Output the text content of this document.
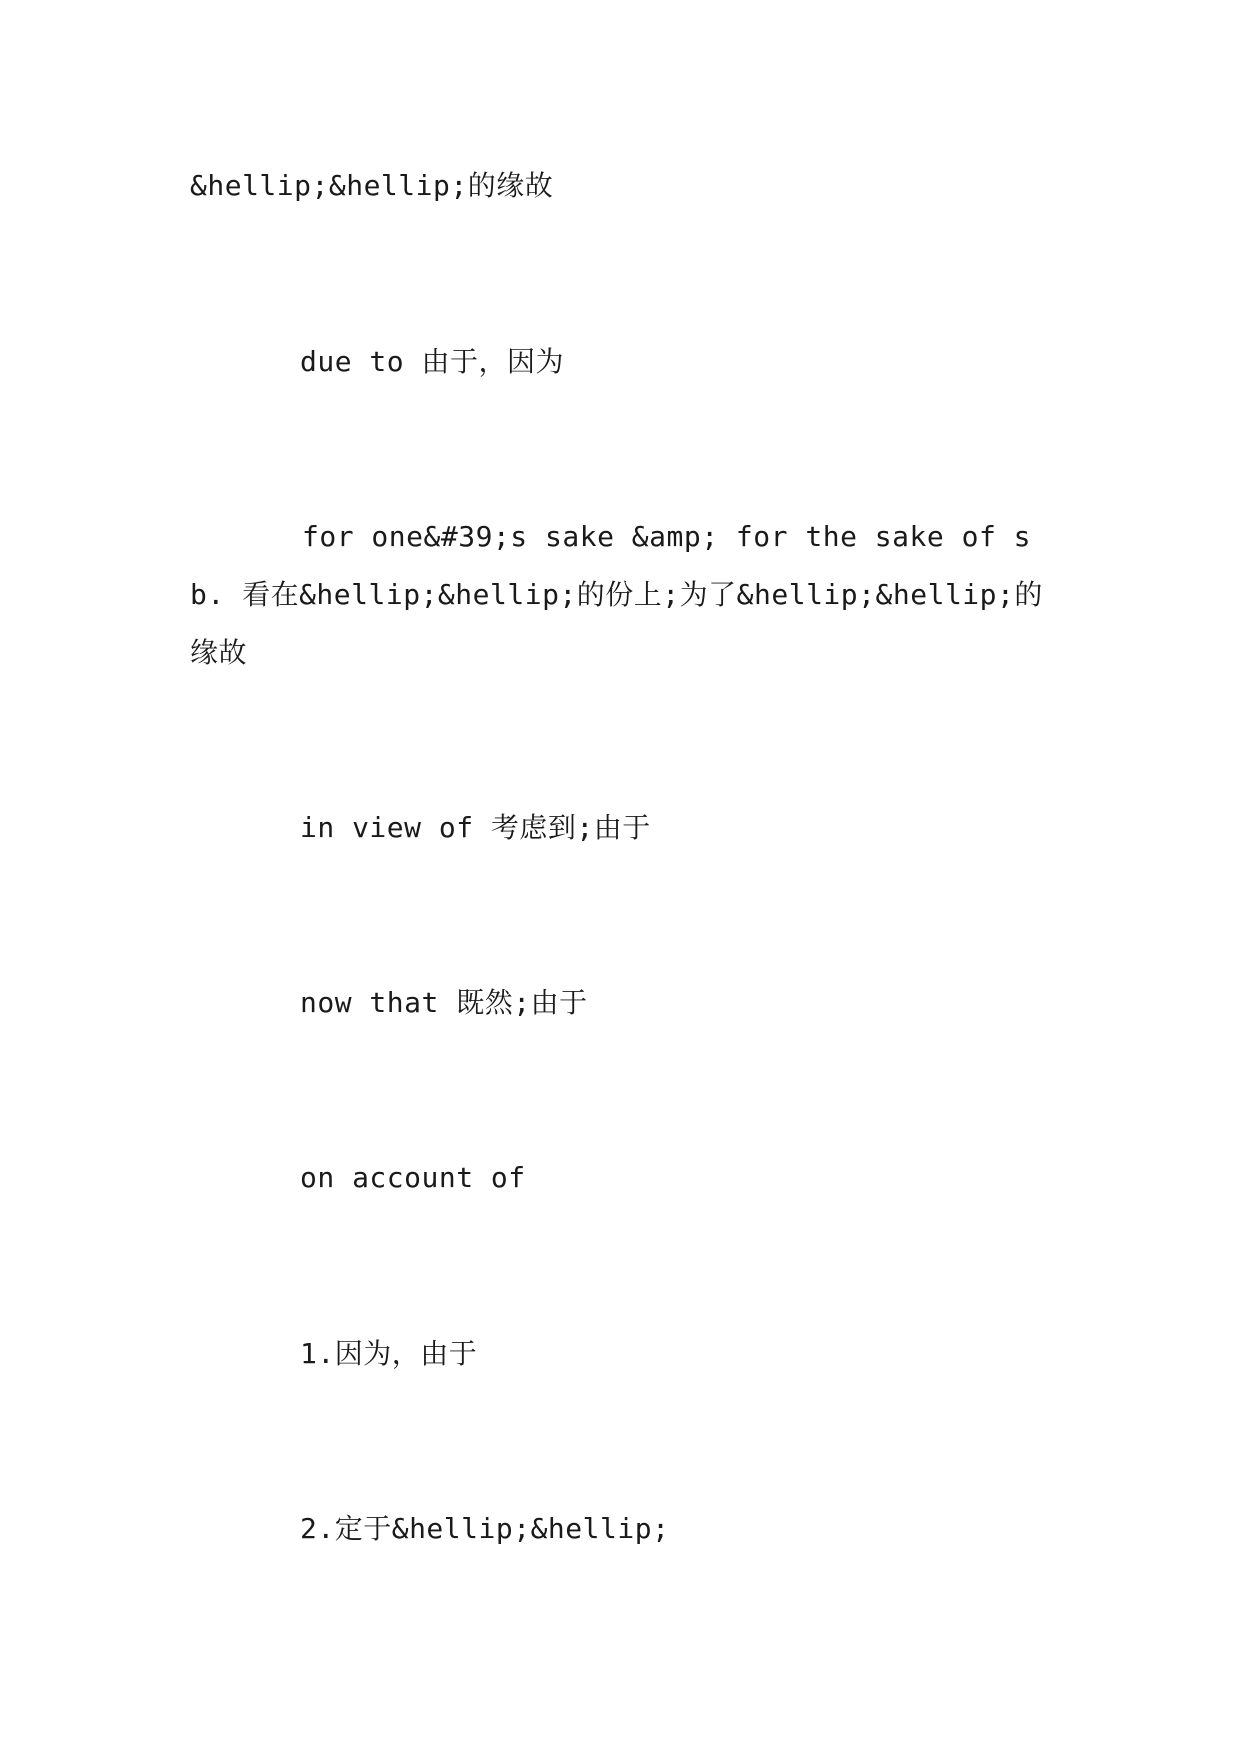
&hellip;&hellip;的缘故
due to 由于，因为
for one&#39;s sake &amp; for the sake of sb. 看在&hellip;&hellip;的份上;为了&hellip;&hellip;的缘故
in view of 考虑到;由于
now that 既然;由于
on account of
1.因为，由于
2.定于&hellip;&hellip;
